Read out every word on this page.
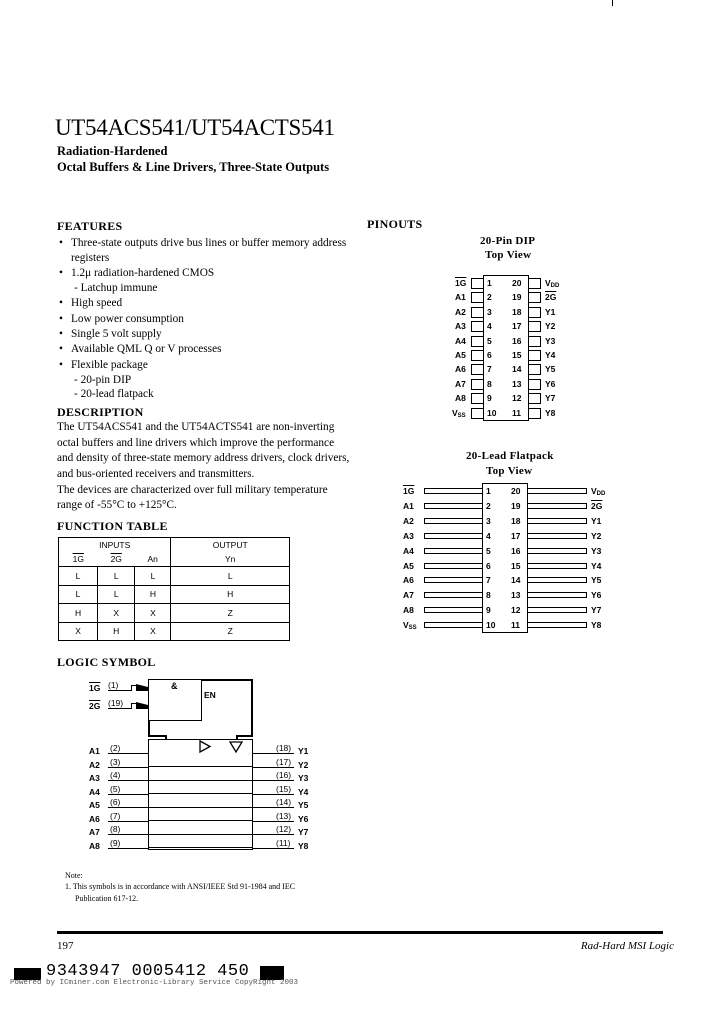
UT54ACS541/UT54ACTS541
Radiation-Hardened
Octal Buffers & Line Drivers, Three-State Outputs
FEATURES
• Three-state outputs drive bus lines or buffer memory address
registers
• 1.2μ radiation-hardened CMOS
- Latchup immune
• High speed
• Low power consumption
• Single 5 volt supply
• Available QML Q or V processes
• Flexible package
- 20-pin DIP
- 20-lead flatpack
DESCRIPTION
The UT54ACS541 and the UT54ACTS541 are non-inverting
octal buffers and line drivers which improve the performance
and density of three-state memory address drivers, clock drivers,
and bus-oriented receivers and transmitters.
The devices are characterized over full military temperature
range of -55°C to +125°C.
FUNCTION TABLE
INPUTS			OUTPUT
1G	2G	An	Yn
L	L	L	L
L	L	H	H
H	X	X	Z
X	H	X	Z
LOGIC SYMBOL
&
EN
1G (1)
2G (19)
A1 (2)	(18) Y1
A2 (3)	(17) Y2
A3 (4)	(16) Y3
A4 (5)	(15) Y4
A5 (6)	(14) Y5
A6 (7)	(13) Y6
A7 (8)	(12) Y7
A8 (9)	(11) Y8
PINOUTS
20-Pin DIP
Top View
1G 1 20	VDD
A1 2 19	2G
A2 3 18	Y1
A3 4 17	Y2
A4 5 16	Y3
A5 6 15	Y4
A6 7 14	Y5
A7 8 13	Y6
A8 9 12	Y7
VSS	10 11	Y8
20-Lead Flatpack
Top View
1G	1 20	VDD
A1	2 19	2G
A2	3 18	Y1
A3	4 17	Y2
A4	5 16	Y3
A5	6 15	Y4
A6	7 14	Y5
A7	8 13	Y6
A8	9 12	Y7
VSS	10 11	Y8
Note:
1. This symbols is in accordance with ANSI/IEEE Std 91-1984 and IEC
Publication 617-12.
197	Rad-Hard MSI Logic
9343947 0005412 450
Powered by ICminer.com Electronic-Library Service CopyRight 2003
